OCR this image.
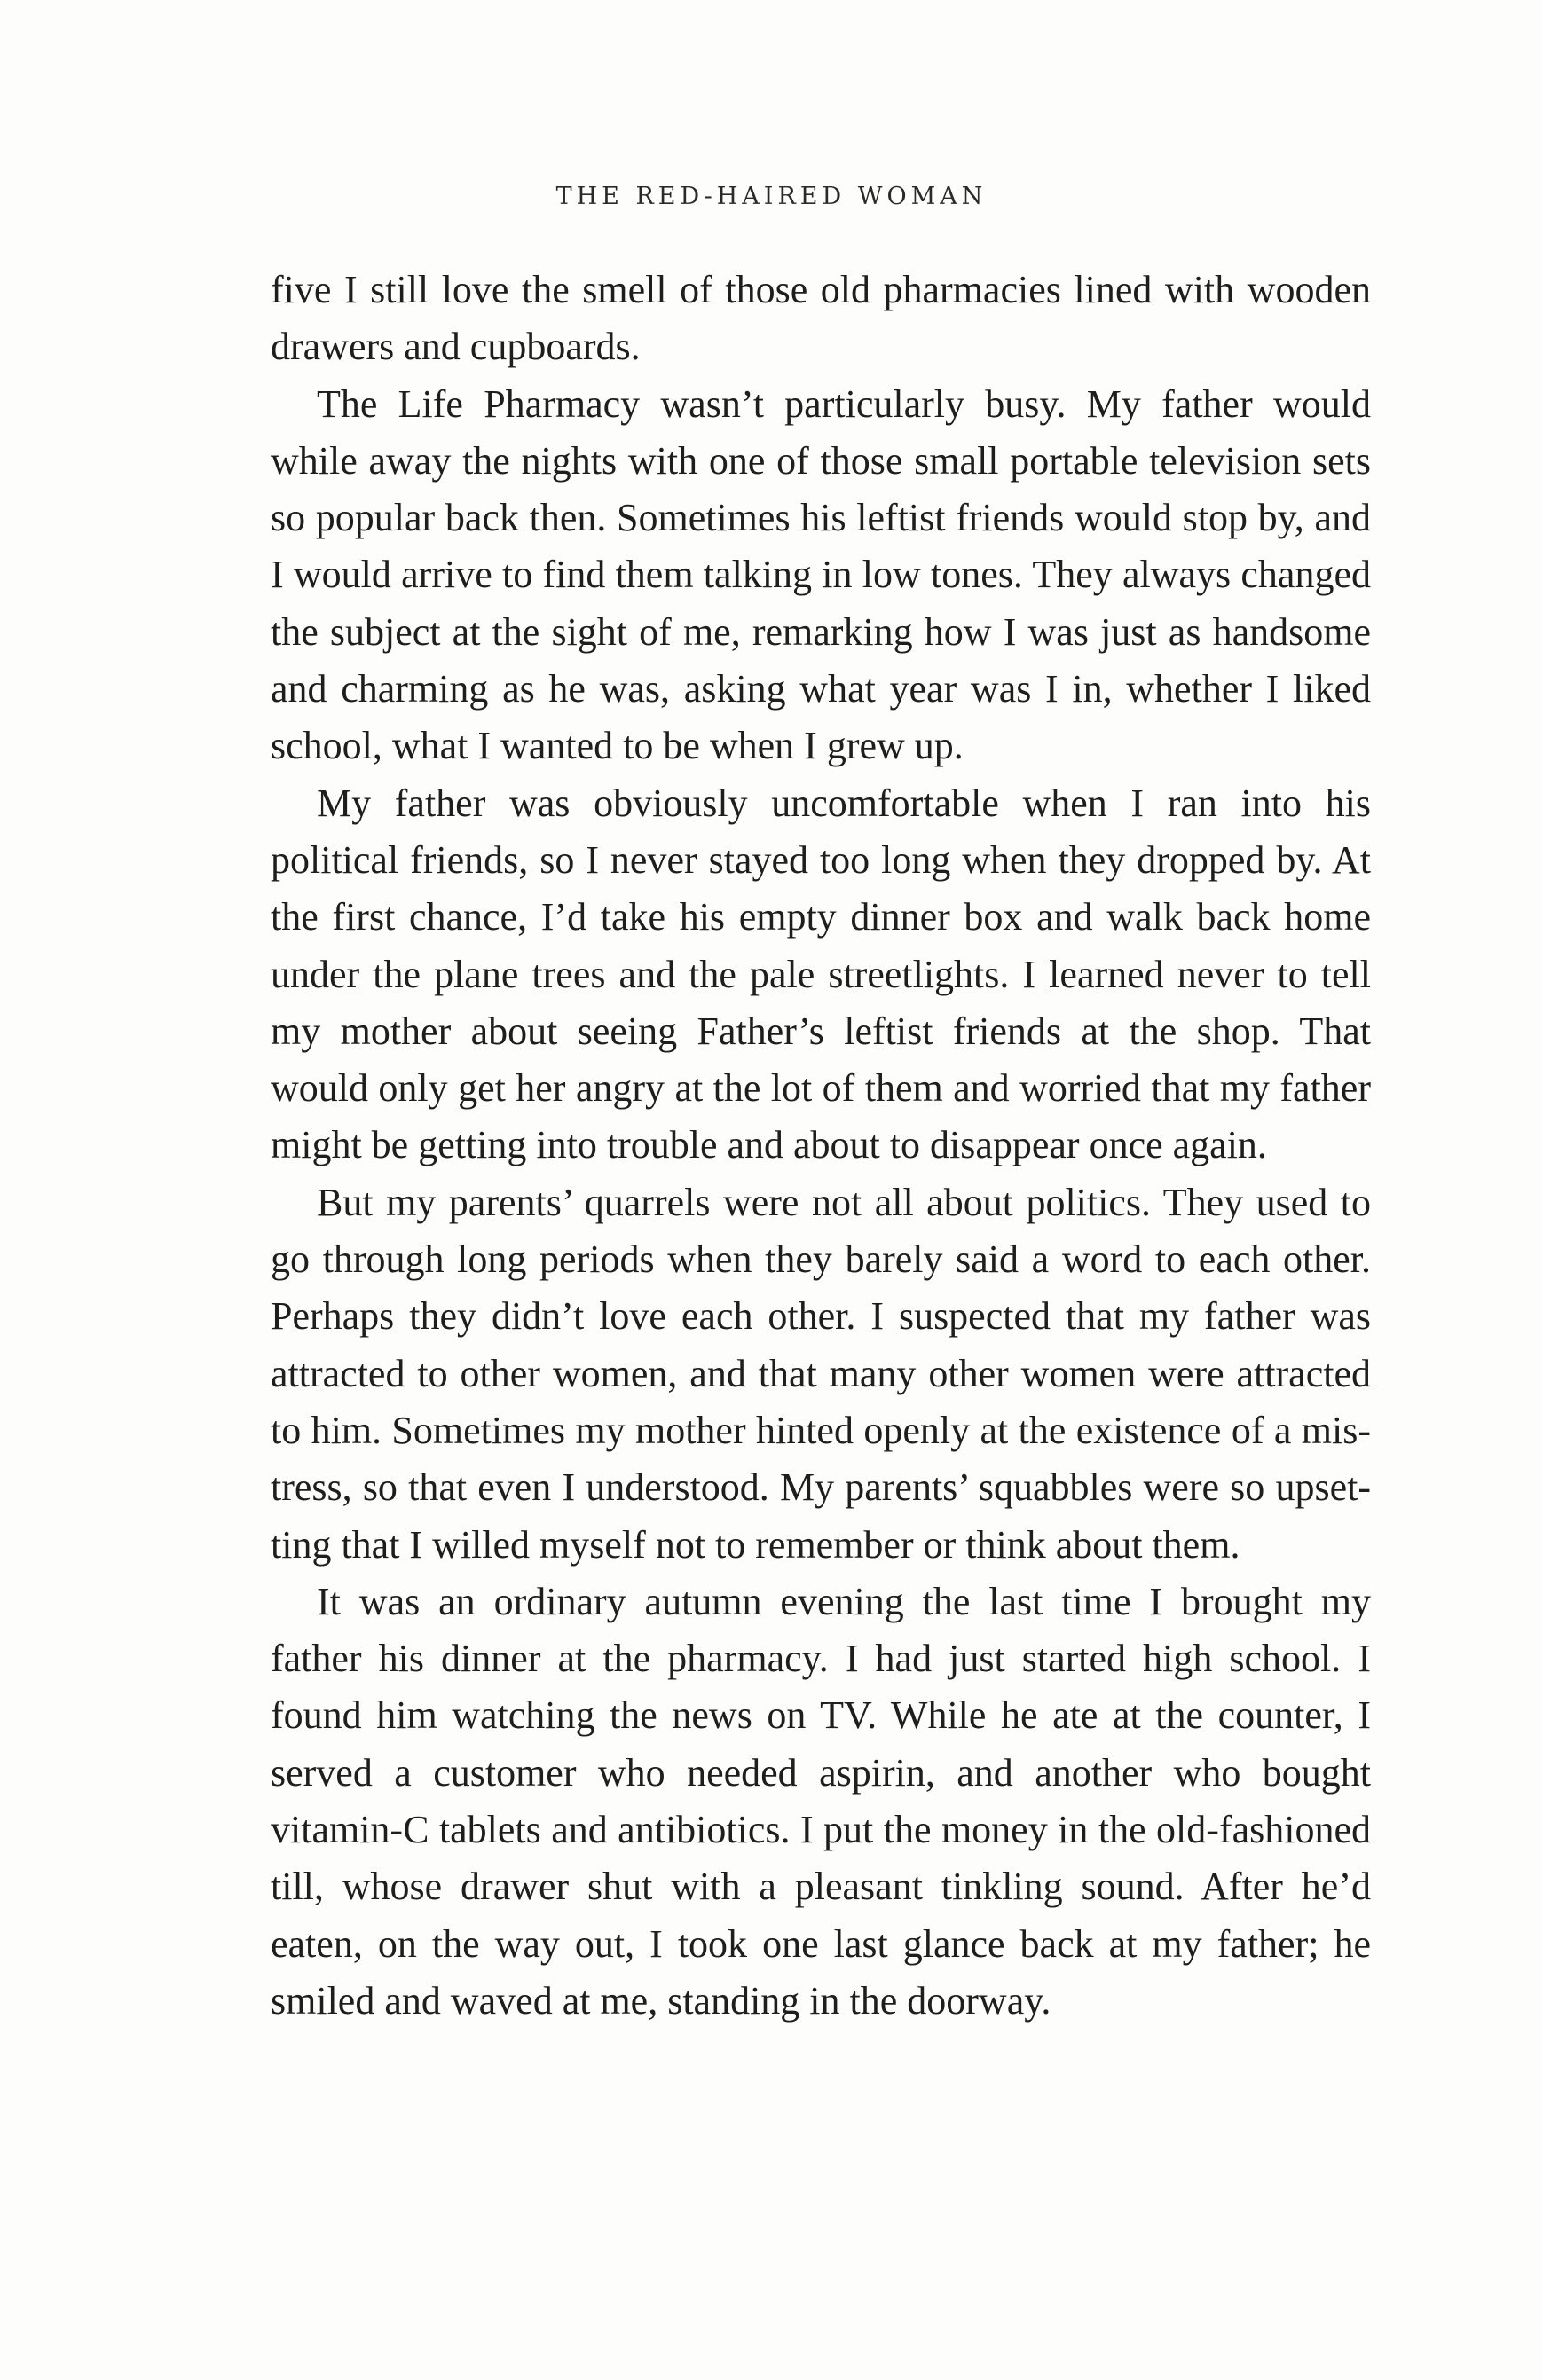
THE RED-HAIRED WOMAN

five I still love the smell of those old pharmacies lined with wooden drawers and cupboards.

The Life Pharmacy wasn’t particularly busy. My father would while away the nights with one of those small portable television sets so popular back then. Sometimes his leftist friends would stop by, and I would arrive to find them talking in low tones. They always changed the subject at the sight of me, remarking how I was just as handsome and charming as he was, asking what year was I in, whether I liked school, what I wanted to be when I grew up.

My father was obviously uncomfortable when I ran into his political friends, so I never stayed too long when they dropped by. At the first chance, I’d take his empty dinner box and walk back home under the plane trees and the pale streetlights. I learned never to tell my mother about seeing Father’s leftist friends at the shop. That would only get her angry at the lot of them and worried that my father might be getting into trouble and about to disappear once again.

But my parents’ quarrels were not all about politics. They used to go through long periods when they barely said a word to each other. Perhaps they didn’t love each other. I suspected that my father was attracted to other women, and that many other women were attracted to him. Sometimes my mother hinted openly at the existence of a mistress, so that even I understood. My parents’ squabbles were so upsetting that I willed myself not to remember or think about them.

It was an ordinary autumn evening the last time I brought my father his dinner at the pharmacy. I had just started high school. I found him watching the news on TV. While he ate at the counter, I served a customer who needed aspirin, and another who bought vitamin-C tablets and antibiotics. I put the money in the old-fashioned till, whose drawer shut with a pleasant tinkling sound. After he’d eaten, on the way out, I took one last glance back at my father; he smiled and waved at me, standing in the doorway.
